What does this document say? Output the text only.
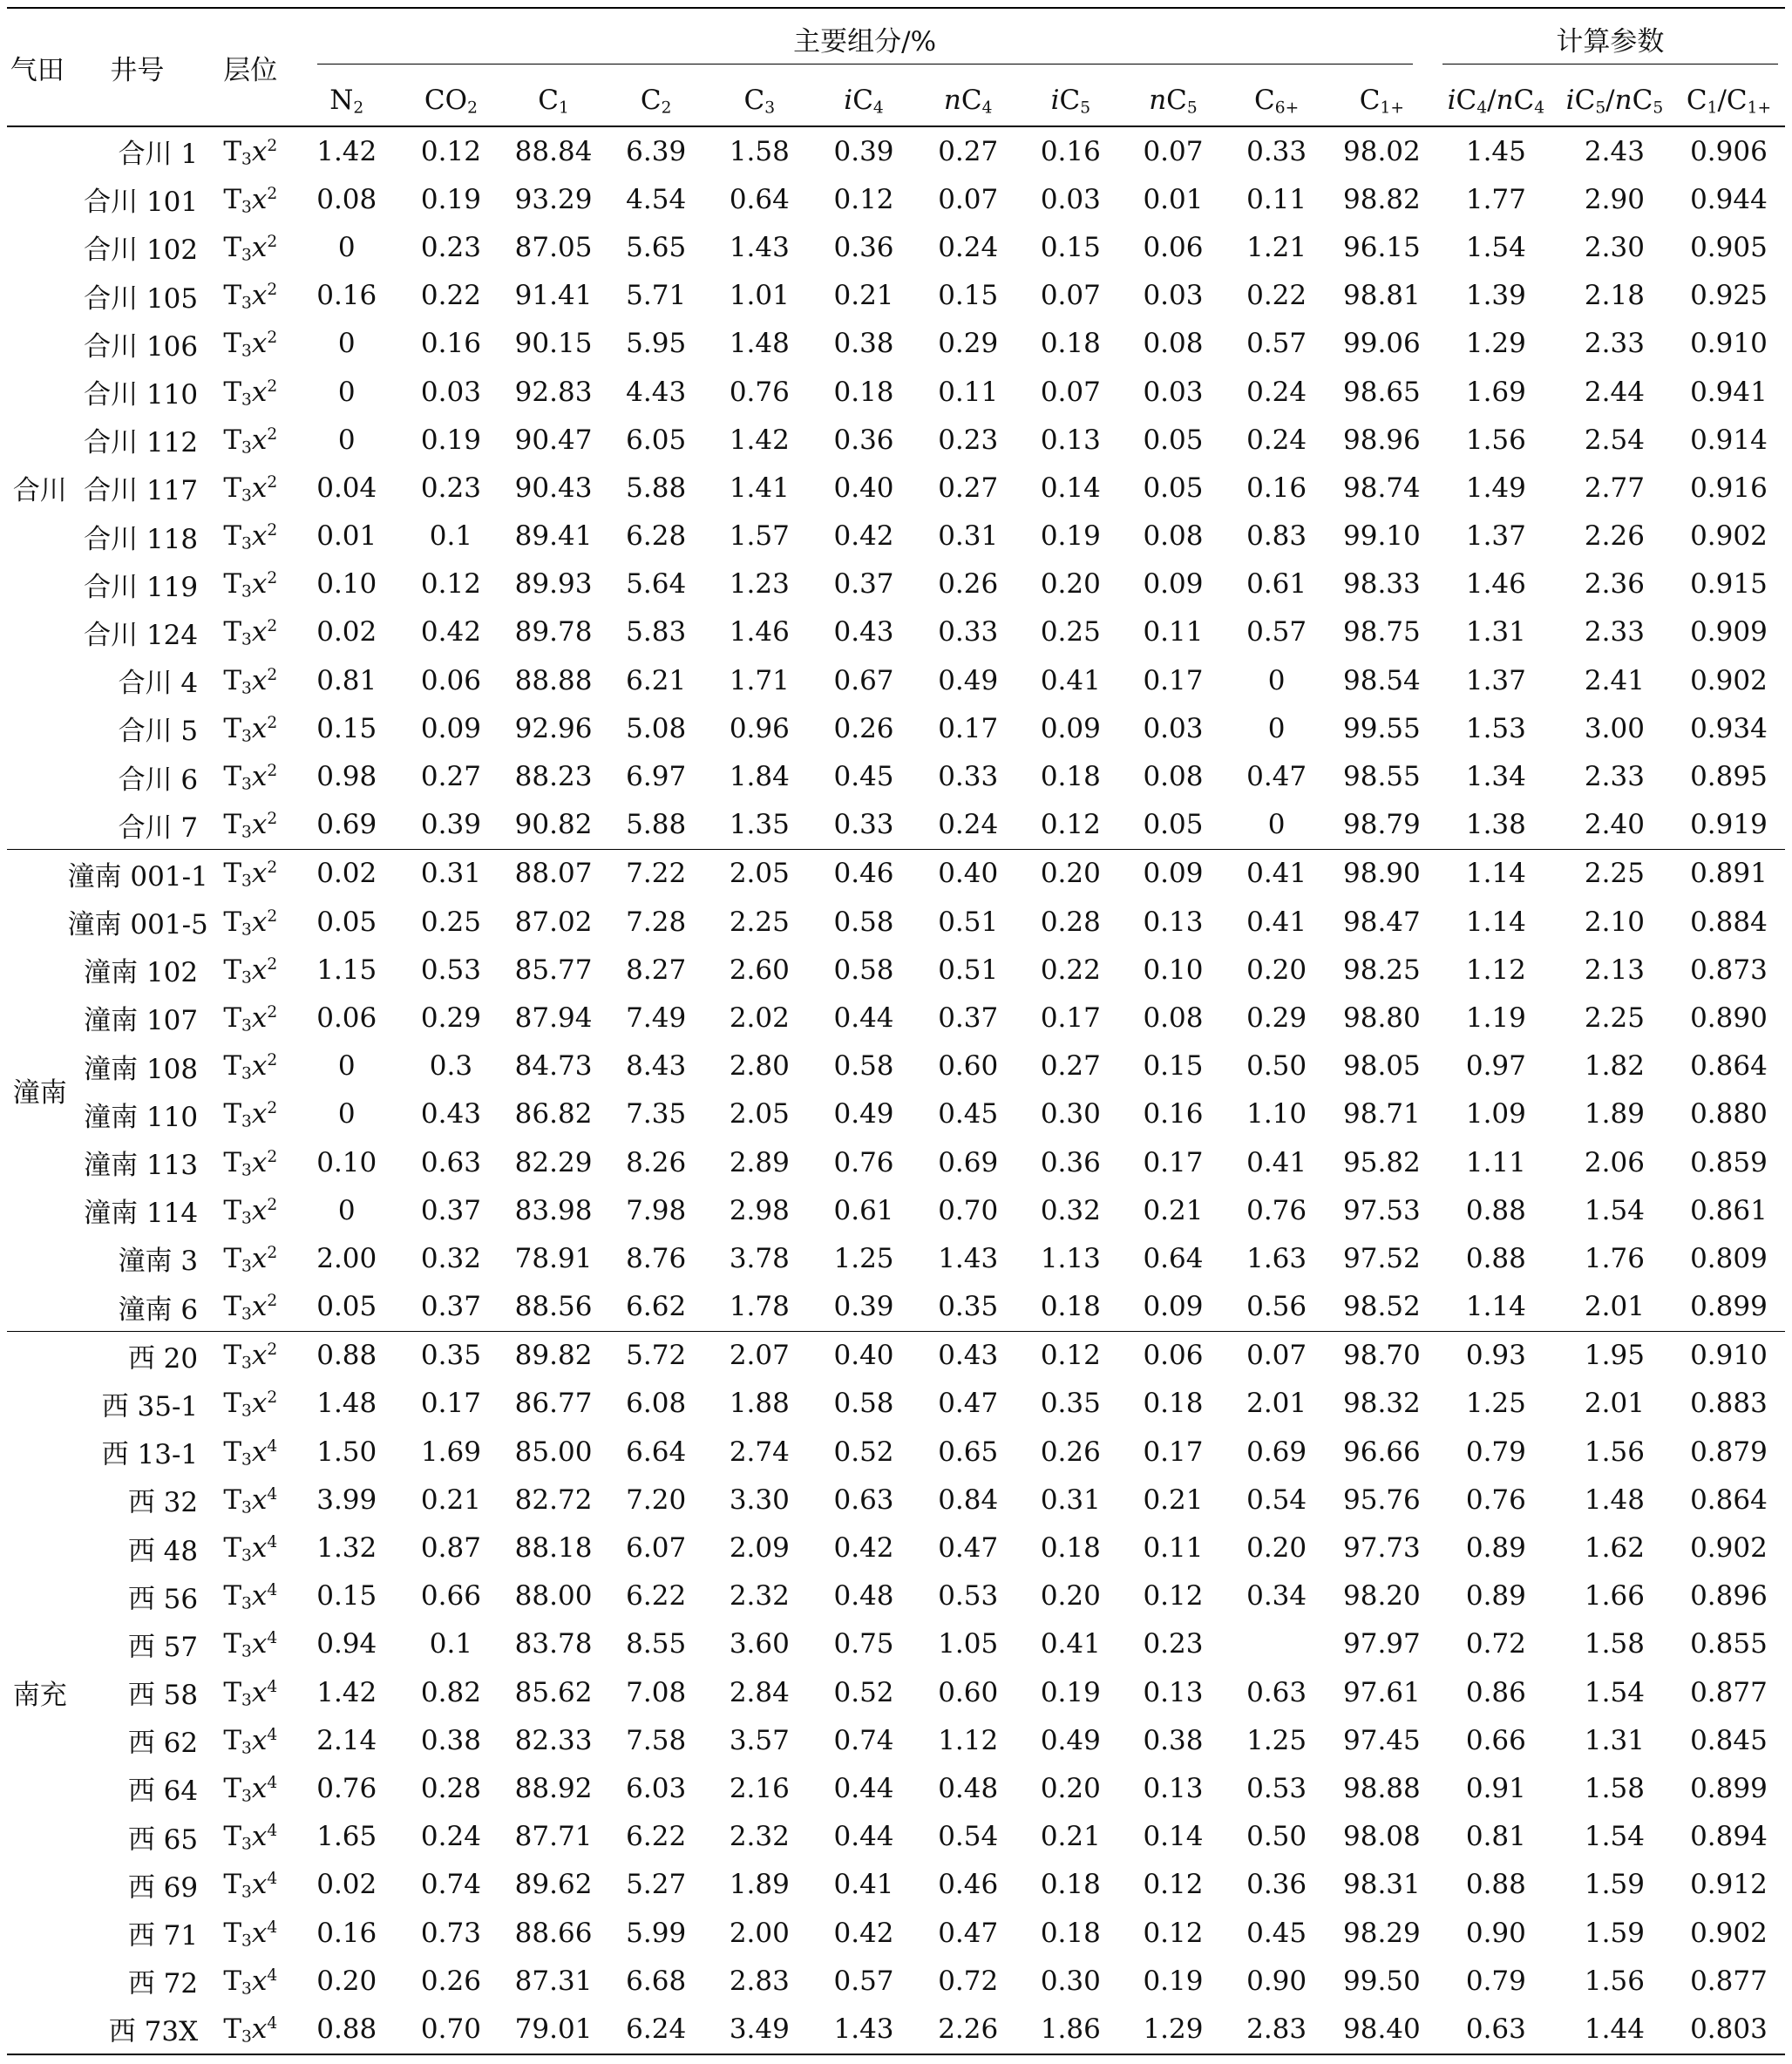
气田	井号	层位	主要组分/%											计算参数		
			$N_2$	$CO_2$	$C_1$	$C_2$	$C_3$	$iC_4$	$nC_4$	$iC_5$	$nC_5$	$C_{6+}$	$C_{1+}$	$iC_4/nC_4$	$iC_5/nC_5$	$C_1/C_{1+}$
合川	合川 1	$T_3x^2$	1.42	0.12	88.84	6.39	1.58	0.39	0.27	0.16	0.07	0.33	98.02	1.45	2.43	0.906
	合川 101	$T_3x^2$	0.08	0.19	93.29	4.54	0.64	0.12	0.07	0.03	0.01	0.11	98.82	1.77	2.90	0.944
	合川 102	$T_3x^2$	0	0.23	87.05	5.65	1.43	0.36	0.24	0.15	0.06	1.21	96.15	1.54	2.30	0.905
	合川 105	$T_3x^2$	0.16	0.22	91.41	5.71	1.01	0.21	0.15	0.07	0.03	0.22	98.81	1.39	2.18	0.925
	合川 106	$T_3x^2$	0	0.16	90.15	5.95	1.48	0.38	0.29	0.18	0.08	0.57	99.06	1.29	2.33	0.910
	合川 110	$T_3x^2$	0	0.03	92.83	4.43	0.76	0.18	0.11	0.07	0.03	0.24	98.65	1.69	2.44	0.941
	合川 112	$T_3x^2$	0	0.19	90.47	6.05	1.42	0.36	0.23	0.13	0.05	0.24	98.96	1.56	2.54	0.914
	合川 117	$T_3x^2$	0.04	0.23	90.43	5.88	1.41	0.40	0.27	0.14	0.05	0.16	98.74	1.49	2.77	0.916
	合川 118	$T_3x^2$	0.01	0.1	89.41	6.28	1.57	0.42	0.31	0.19	0.08	0.83	99.10	1.37	2.26	0.902
	合川 119	$T_3x^2$	0.10	0.12	89.93	5.64	1.23	0.37	0.26	0.20	0.09	0.61	98.33	1.46	2.36	0.915
	合川 124	$T_3x^2$	0.02	0.42	89.78	5.83	1.46	0.43	0.33	0.25	0.11	0.57	98.75	1.31	2.33	0.909
	合川 4	$T_3x^2$	0.81	0.06	88.88	6.21	1.71	0.67	0.49	0.41	0.17	0	98.54	1.37	2.41	0.902
	合川 5	$T_3x^2$	0.15	0.09	92.96	5.08	0.96	0.26	0.17	0.09	0.03	0	99.55	1.53	3.00	0.934
	合川 6	$T_3x^2$	0.98	0.27	88.23	6.97	1.84	0.45	0.33	0.18	0.08	0.47	98.55	1.34	2.33	0.895
	合川 7	$T_3x^2$	0.69	0.39	90.82	5.88	1.35	0.33	0.24	0.12	0.05	0	98.79	1.38	2.40	0.919
潼南	潼南 001-1	$T_3x^2$	0.02	0.31	88.07	7.22	2.05	0.46	0.40	0.20	0.09	0.41	98.90	1.14	2.25	0.891
	潼南 001-5	$T_3x^2$	0.05	0.25	87.02	7.28	2.25	0.58	0.51	0.28	0.13	0.41	98.47	1.14	2.10	0.884
	潼南 102	$T_3x^2$	1.15	0.53	85.77	8.27	2.60	0.58	0.51	0.22	0.10	0.20	98.25	1.12	2.13	0.873
	潼南 107	$T_3x^2$	0.06	0.29	87.94	7.49	2.02	0.44	0.37	0.17	0.08	0.29	98.80	1.19	2.25	0.890
	潼南 108	$T_3x^2$	0	0.3	84.73	8.43	2.80	0.58	0.60	0.27	0.15	0.50	98.05	0.97	1.82	0.864
	潼南 110	$T_3x^2$	0	0.43	86.82	7.35	2.05	0.49	0.45	0.30	0.16	1.10	98.71	1.09	1.89	0.880
	潼南 113	$T_3x^2$	0.10	0.63	82.29	8.26	2.89	0.76	0.69	0.36	0.17	0.41	95.82	1.11	2.06	0.859
	潼南 114	$T_3x^2$	0	0.37	83.98	7.98	2.98	0.61	0.70	0.32	0.21	0.76	97.53	0.88	1.54	0.861
	潼南 3	$T_3x^2$	2.00	0.32	78.91	8.76	3.78	1.25	1.43	1.13	0.64	1.63	97.52	0.88	1.76	0.809
	潼南 6	$T_3x^2$	0.05	0.37	88.56	6.62	1.78	0.39	0.35	0.18	0.09	0.56	98.52	1.14	2.01	0.899
南充	西 20	$T_3x^2$	0.88	0.35	89.82	5.72	2.07	0.40	0.43	0.12	0.06	0.07	98.70	0.93	1.95	0.910
	西 35-1	$T_3x^2$	1.48	0.17	86.77	6.08	1.88	0.58	0.47	0.35	0.18	2.01	98.32	1.25	2.01	0.883
	西 13-1	$T_3x^4$	1.50	1.69	85.00	6.64	2.74	0.52	0.65	0.26	0.17	0.69	96.66	0.79	1.56	0.879
	西 32	$T_3x^4$	3.99	0.21	82.72	7.20	3.30	0.63	0.84	0.31	0.21	0.54	95.76	0.76	1.48	0.864
	西 48	$T_3x^4$	1.32	0.87	88.18	6.07	2.09	0.42	0.47	0.18	0.11	0.20	97.73	0.89	1.62	0.902
	西 56	$T_3x^4$	0.15	0.66	88.00	6.22	2.32	0.48	0.53	0.20	0.12	0.34	98.20	0.89	1.66	0.896
	西 57	$T_3x^4$	0.94	0.1	83.78	8.55	3.60	0.75	1.05	0.41	0.23		97.97	0.72	1.58	0.855
	西 58	$T_3x^4$	1.42	0.82	85.62	7.08	2.84	0.52	0.60	0.19	0.13	0.63	97.61	0.86	1.54	0.877
	西 62	$T_3x^4$	2.14	0.38	82.33	7.58	3.57	0.74	1.12	0.49	0.38	1.25	97.45	0.66	1.31	0.845
	西 64	$T_3x^4$	0.76	0.28	88.92	6.03	2.16	0.44	0.48	0.20	0.13	0.53	98.88	0.91	1.58	0.899
	西 65	$T_3x^4$	1.65	0.24	87.71	6.22	2.32	0.44	0.54	0.21	0.14	0.50	98.08	0.81	1.54	0.894
	西 69	$T_3x^4$	0.02	0.74	89.62	5.27	1.89	0.41	0.46	0.18	0.12	0.36	98.31	0.88	1.59	0.912
	西 71	$T_3x^4$	0.16	0.73	88.66	5.99	2.00	0.42	0.47	0.18	0.12	0.45	98.29	0.90	1.59	0.902
	西 72	$T_3x^4$	0.20	0.26	87.31	6.68	2.83	0.57	0.72	0.30	0.19	0.90	99.50	0.79	1.56	0.877
	西 73X	$T_3x^4$	0.88	0.70	79.01	6.24	3.49	1.43	2.26	1.86	1.29	2.83	98.40	0.63	1.44	0.803
